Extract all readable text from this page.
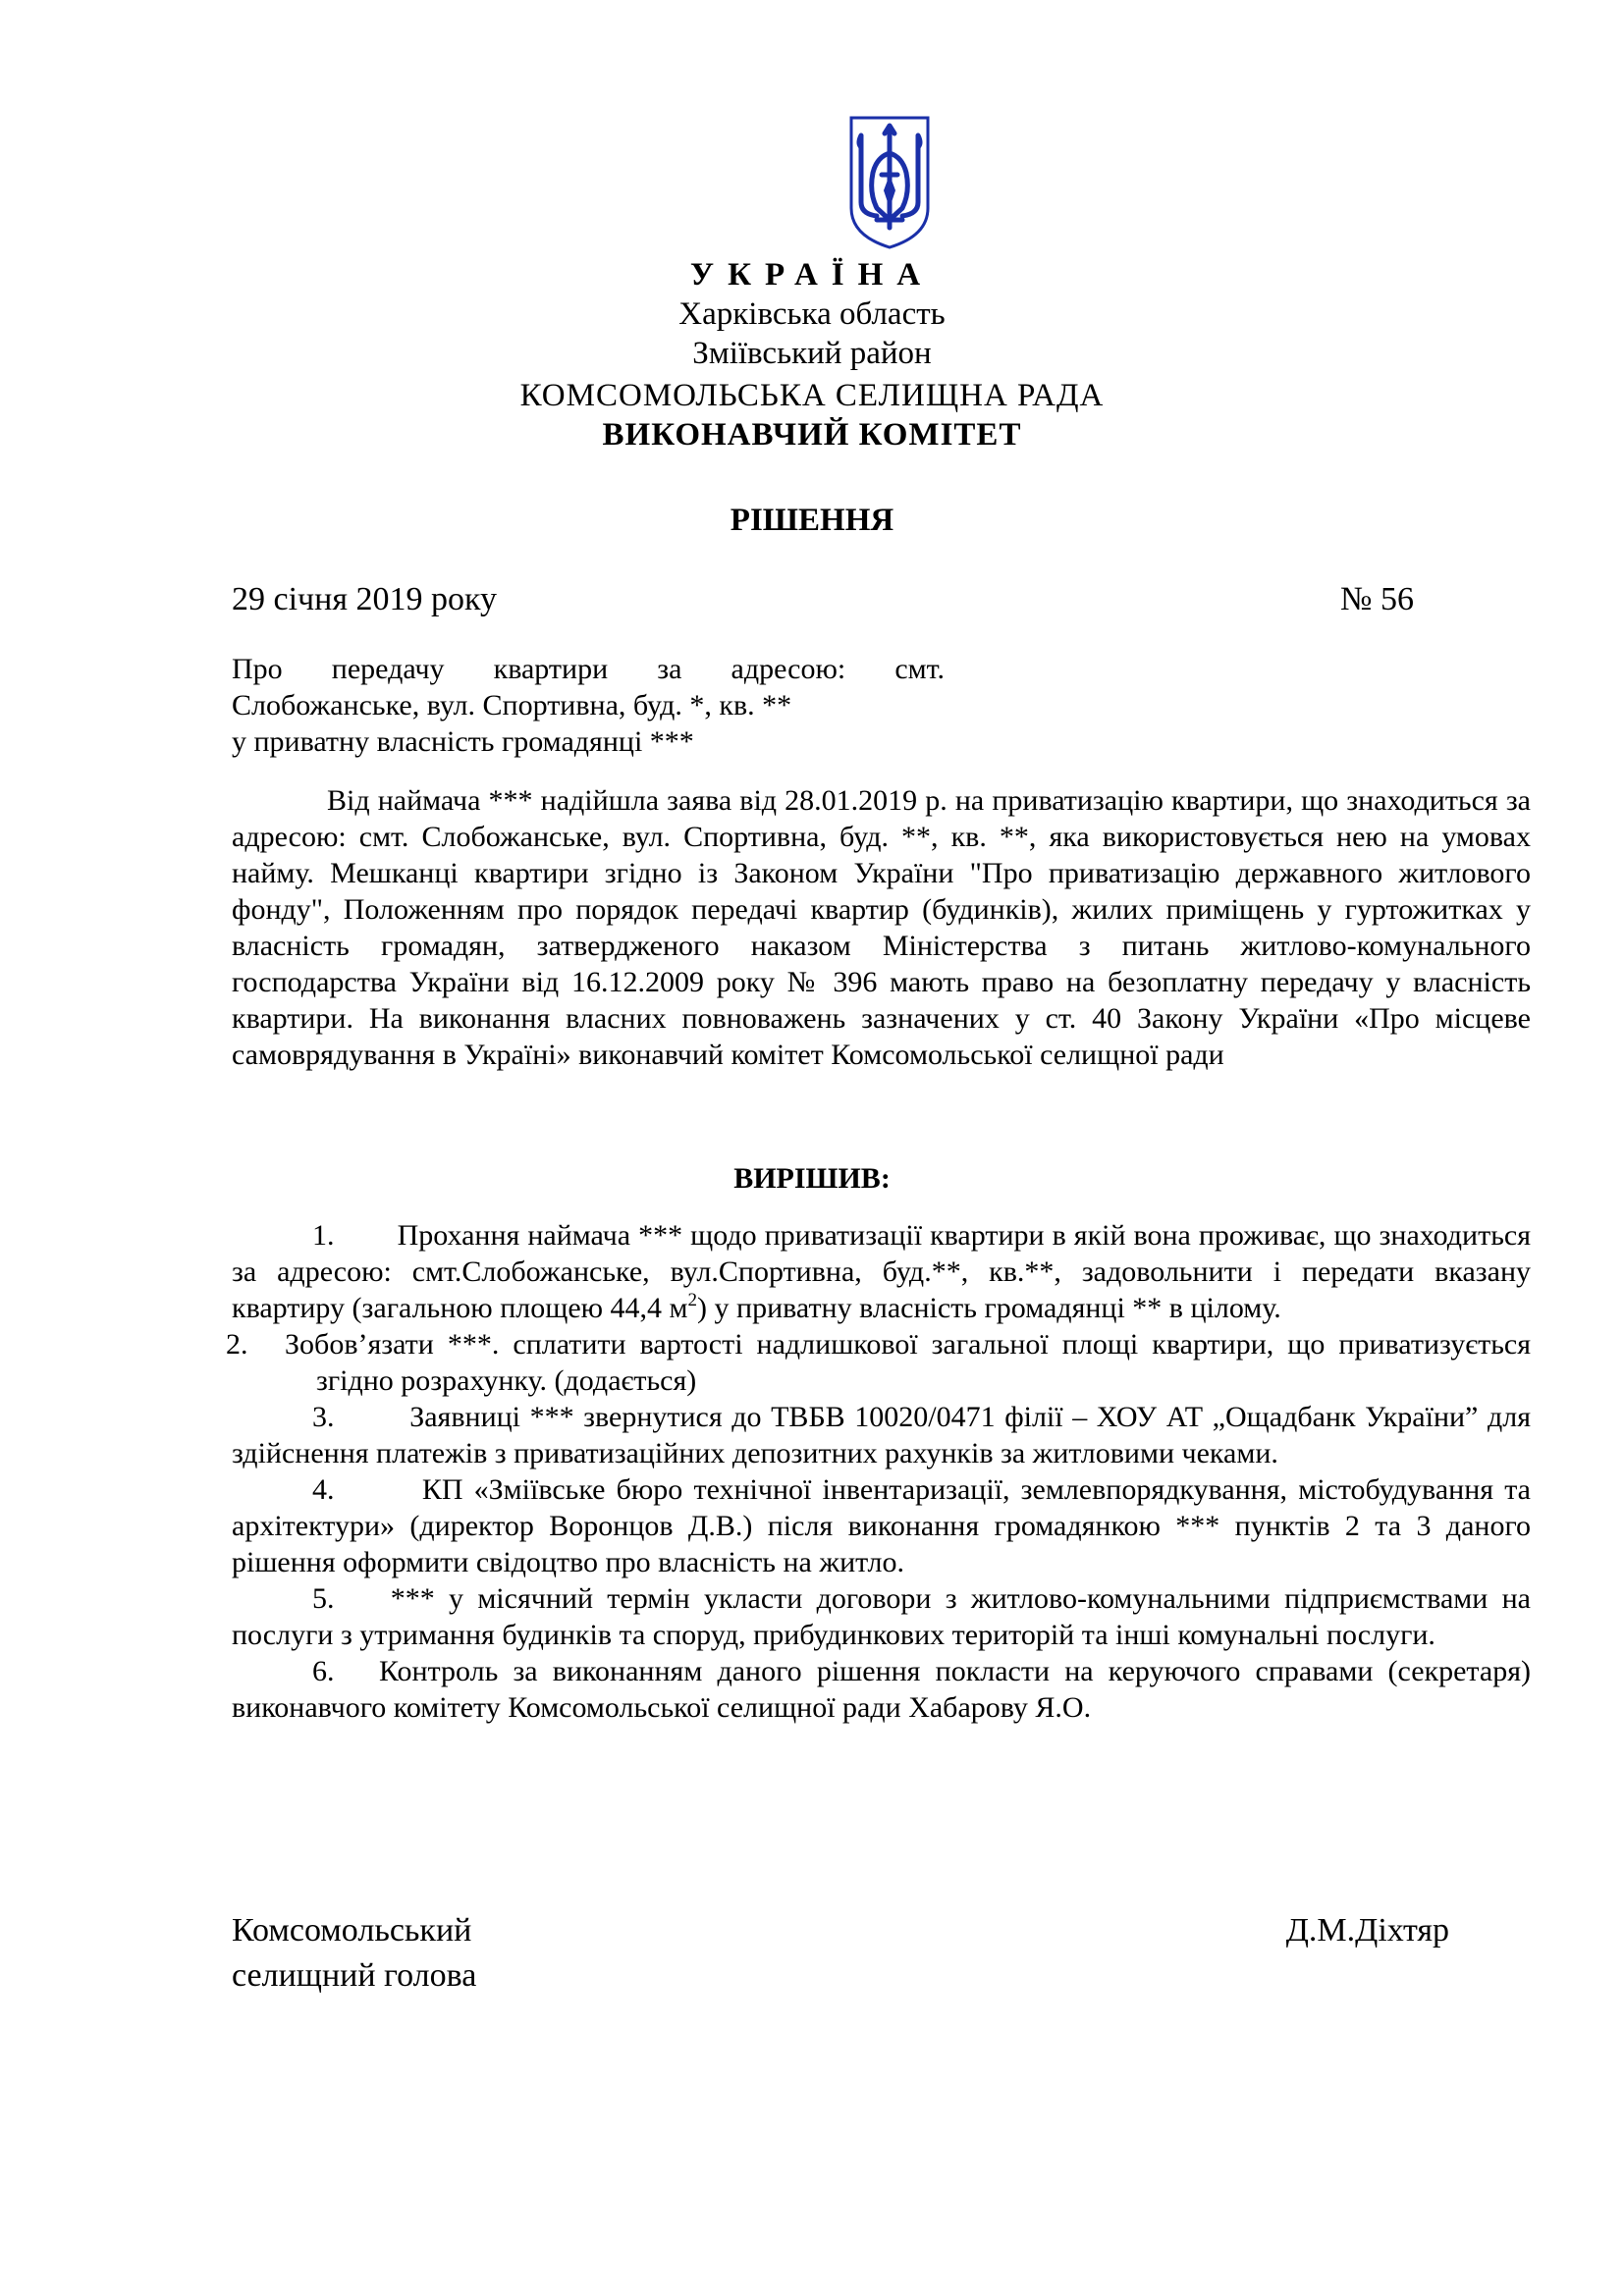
УКРАЇНА
Харківська область
Зміївський район
КОМСОМОЛЬСЬКА СЕЛИЩНА РАДА
ВИКОНАВЧИЙ КОМІТЕТ
РІШЕННЯ
29 січня 2019 року	№ 56
Про передачу квартири за адресою: смт.
Слобожанське, вул. Спортивна, буд. *, кв. **
у приватну власність громадянці ***
Від наймача *** надійшла заява від 28.01.2019 р. на приватизацію квартири, що знаходиться за адресою: смт. Слобожанське, вул. Спортивна, буд. **, кв. **, яка використовується нею на умовах найму. Мешканці квартири згідно із Законом України "Про приватизацію державного житлового фонду", Положенням про порядок передачі квартир (будинків), жилих приміщень у гуртожитках у власність громадян, затвердженого наказом Міністерства з питань житлово-комунального господарства України від 16.12.2009 року № 396 мають право на безоплатну передачу у власність квартири. На виконання власних повноважень зазначених у ст. 40 Закону України «Про місцеве самоврядування в Україні» виконавчий комітет Комсомольської селищної ради
ВИРІШИВ:

1. Прохання наймача *** щодо приватизації квартири в якій вона проживає, що знаходиться за адресою: смт.Слобожанське, вул.Спортивна, буд.**, кв.**, задовольнити і передати вказану квартиру (загальною площею 44,4 $м^2$) у приватну власність громадянці ** в цілому.

2. Зобов’язати ***. сплатити вартості надлишкової загальної площі квартири, що приватизується згідно розрахунку. (додається)

3.	Заявниці *** звернутися до ТВБВ 10020/0471 філії – ХОУ АТ „Ощадбанк України” для здійснення платежів з приватизаційних депозитних рахунків за житловими чеками.

4.	КП «Зміївське бюро технічної інвентаризації, землевпорядкування, містобудування та архітектури» (директор Воронцов Д.В.) після виконання громадянкою *** пунктів 2 та 3 даного рішення оформити свідоцтво про власність на житло.

5. *** у місячний термін укласти договори з житлово-комунальними підприємствами на послуги з утримання будинків та споруд, прибудинкових територій та інші комунальні послуги.

6. Контроль за виконанням даного рішення покласти на керуючого справами (секретаря) виконавчого комітету Комсомольської селищної ради Хабарову Я.О.

Комсомольський
селищний голова
Д.М.Діхтяр
